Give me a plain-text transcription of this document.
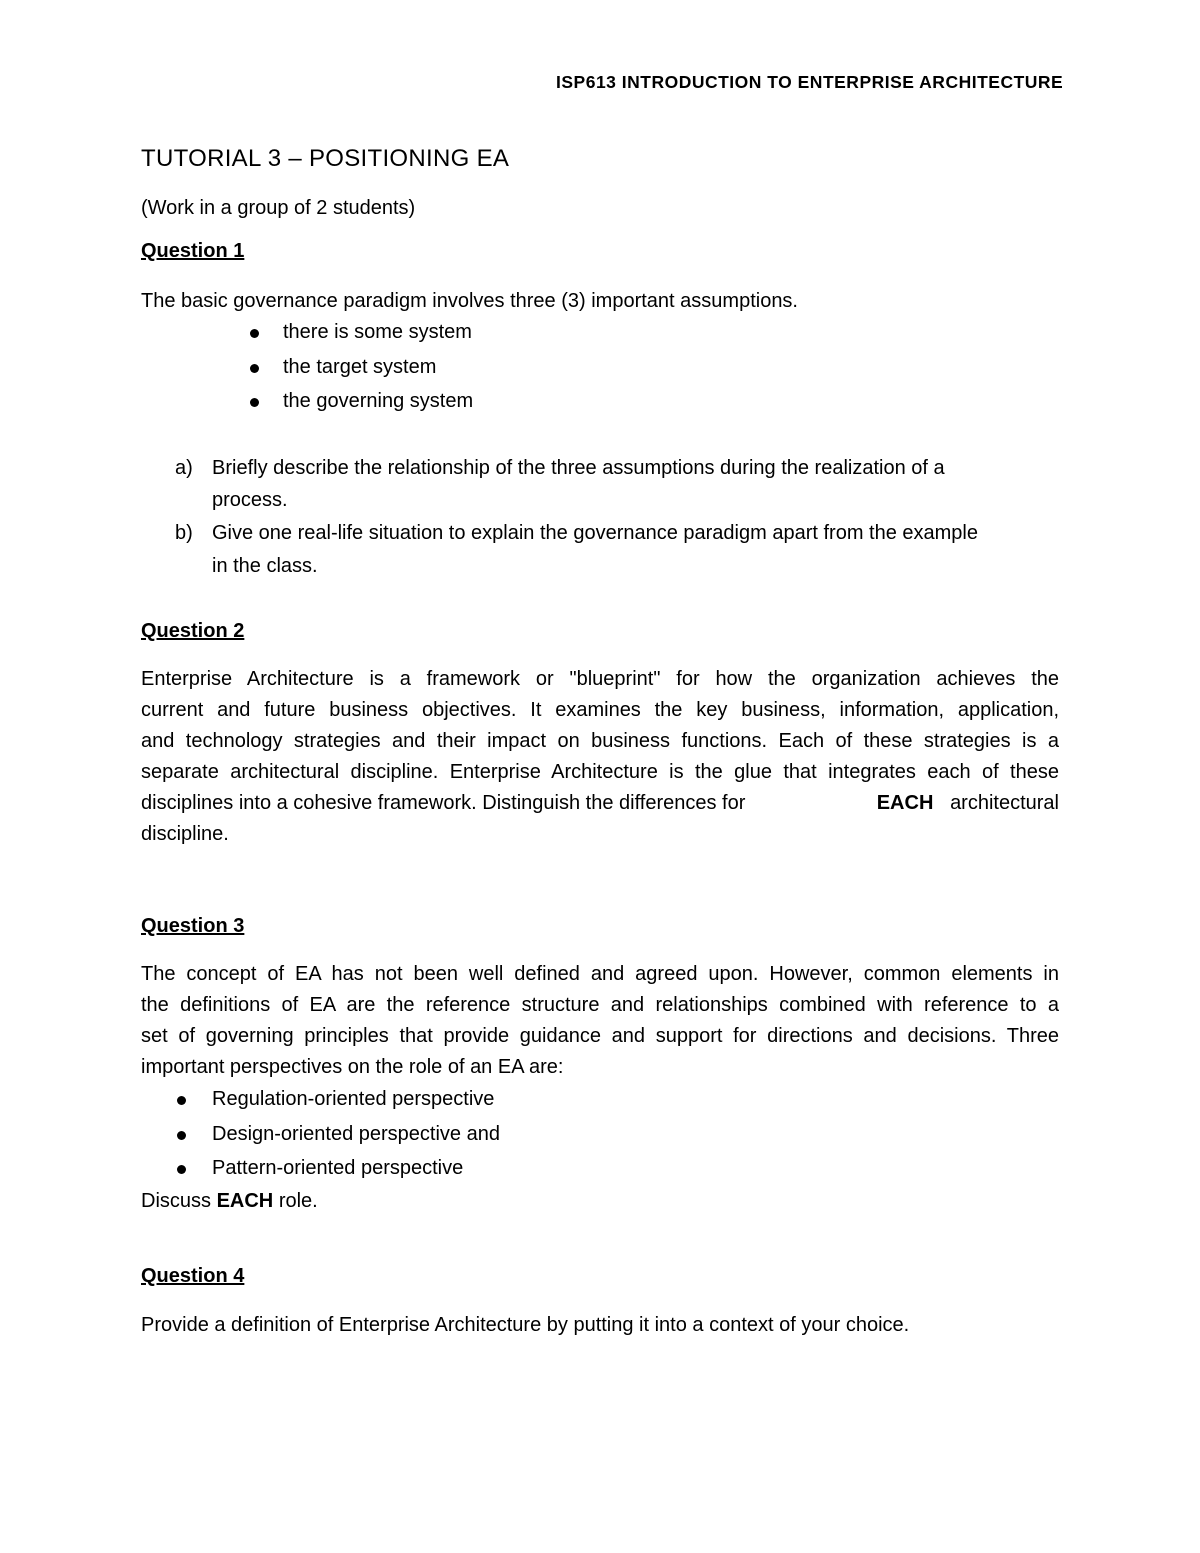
ISP613 INTRODUCTION TO ENTERPRISE ARCHITECTURE
TUTORIAL 3 – POSITIONING EA
(Work in a group of 2 students)
Question 1
The basic governance paradigm involves three (3) important assumptions.
there is some system
the target system
the governing system
a) Briefly describe the relationship of the three assumptions during the realization of a
process.
b) Give one real-life situation to explain the governance paradigm apart from the example
in the class.
Question 2
Enterprise Architecture is a framework or "blueprint" for how the organization achieves the
current and future business objectives. It examines the key business, information, application,
and technology strategies and their impact on business functions. Each of these strategies is a
separate architectural discipline. Enterprise Architecture is the glue that integrates each of these
disciplines into a cohesive framework. Distinguish the differences for	EACH architectural
discipline.
Question 3
The concept of EA has not been well defined and agreed upon. However, common elements in
the definitions of EA are the reference structure and relationships combined with reference to a
set of governing principles that provide guidance and support for directions and decisions. Three
important perspectives on the role of an EA are:
Regulation-oriented perspective
Design-oriented perspective and
Pattern-oriented perspective
Discuss EACH role.
Question 4
Provide a definition of Enterprise Architecture by putting it into a context of your choice.
